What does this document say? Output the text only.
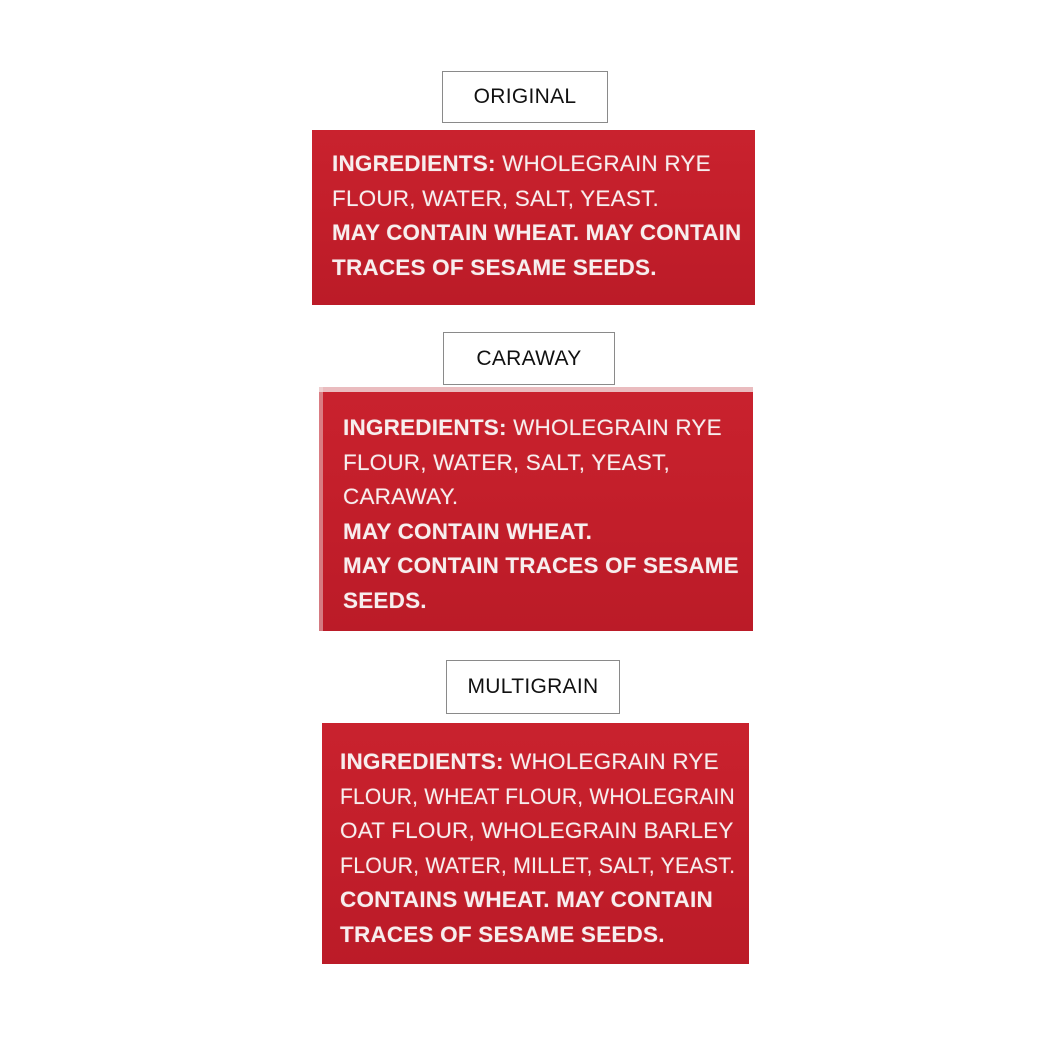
ORIGINAL
INGREDIENTS: WHOLEGRAIN RYE
FLOUR, WATER, SALT, YEAST.
MAY CONTAIN WHEAT. MAY CONTAIN
TRACES OF SESAME SEEDS.
CARAWAY
INGREDIENTS: WHOLEGRAIN RYE
FLOUR, WATER, SALT, YEAST,
CARAWAY.
MAY CONTAIN WHEAT.
MAY CONTAIN TRACES OF SESAME
SEEDS.
MULTIGRAIN
INGREDIENTS: WHOLEGRAIN RYE
FLOUR, WHEAT FLOUR, WHOLEGRAIN
OAT FLOUR, WHOLEGRAIN BARLEY
FLOUR, WATER, MILLET, SALT, YEAST.
CONTAINS WHEAT. MAY CONTAIN
TRACES OF SESAME SEEDS.
